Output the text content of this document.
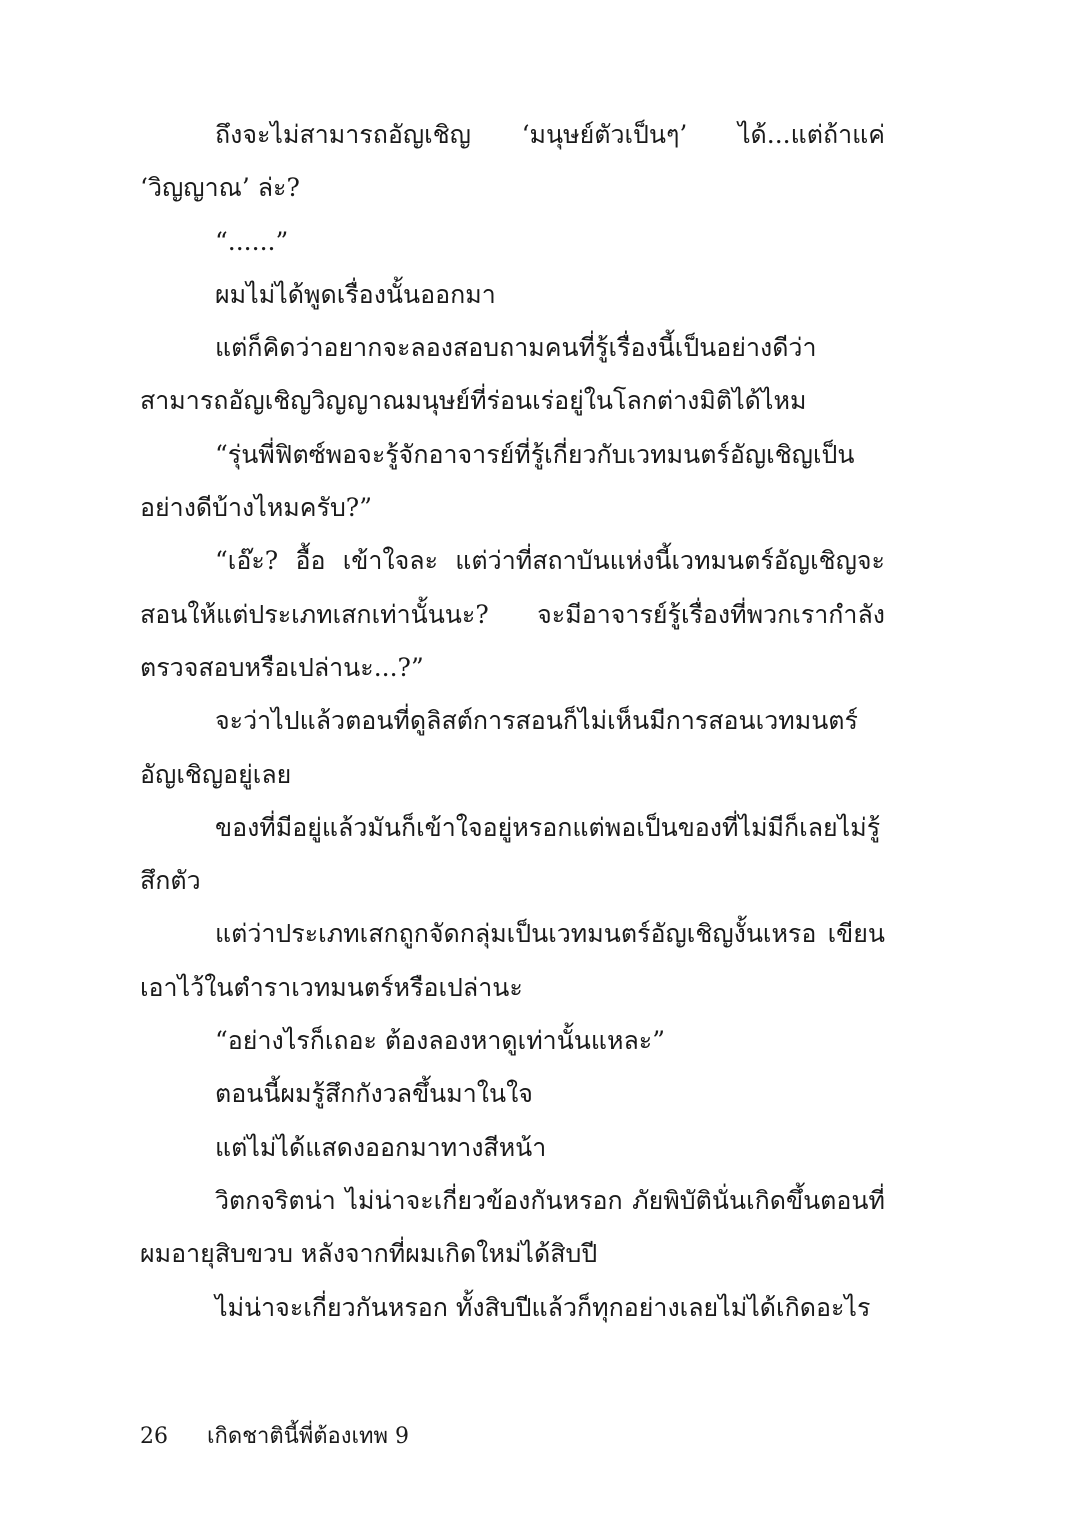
ถึงจะไม่สามารถอัญเชิญ ‘มนุษย์ตัวเป็นๆ’ ได้...แต่ถ้าแค่ ‘วิญญาณ’ ล่ะ?

“......”

ผมไม่ได้พูดเรื่องนั้นออกมา

แต่ก็คิดว่าอยากจะลองสอบถามคนที่รู้เรื่องนี้เป็นอย่างดีว่า สามารถอัญเชิญวิญญาณมนุษย์ที่ร่อนเร่อยู่ในโลกต่างมิติได้ไหม

“รุ่นพี่ฟิตซ์พอจะรู้จักอาจารย์ที่รู้เกี่ยวกับเวทมนตร์อัญเชิญเป็นอย่างดีบ้างไหมครับ?”

“เอ๊ะ? อื้อ เข้าใจละ แต่ว่าที่สถาบันแห่งนี้เวทมนตร์อัญเชิญจะสอนให้แต่ประเภทเสกเท่านั้นนะ? จะมีอาจารย์รู้เรื่องที่พวกเรากำลังตรวจสอบหรือเปล่านะ...?”

จะว่าไปแล้วตอนที่ดูลิสต์การสอนก็ไม่เห็นมีการสอนเวทมนตร์อัญเชิญอยู่เลย

ของที่มีอยู่แล้วมันก็เข้าใจอยู่หรอกแต่พอเป็นของที่ไม่มีก็เลยไม่รู้สึกตัว

แต่ว่าประเภทเสกถูกจัดกลุ่มเป็นเวทมนตร์อัญเชิญงั้นเหรอ เขียนเอาไว้ในตำราเวทมนตร์หรือเปล่านะ

“อย่างไรก็เถอะ ต้องลองหาดูเท่านั้นแหละ”

ตอนนี้ผมรู้สึกกังวลขึ้นมาในใจ

แต่ไม่ได้แสดงออกมาทางสีหน้า

วิตกจริตน่า ไม่น่าจะเกี่ยวข้องกันหรอก ภัยพิบัตินั่นเกิดขึ้นตอนที่ผมอายุสิบขวบ หลังจากที่ผมเกิดใหม่ได้สิบปี

ไม่น่าจะเกี่ยวกันหรอก ทั้งสิบปีแล้วก็ทุกอย่างเลยไม่ได้เกิดอะไร

26 เกิดชาตินี้พี่ต้องเทพ 9
